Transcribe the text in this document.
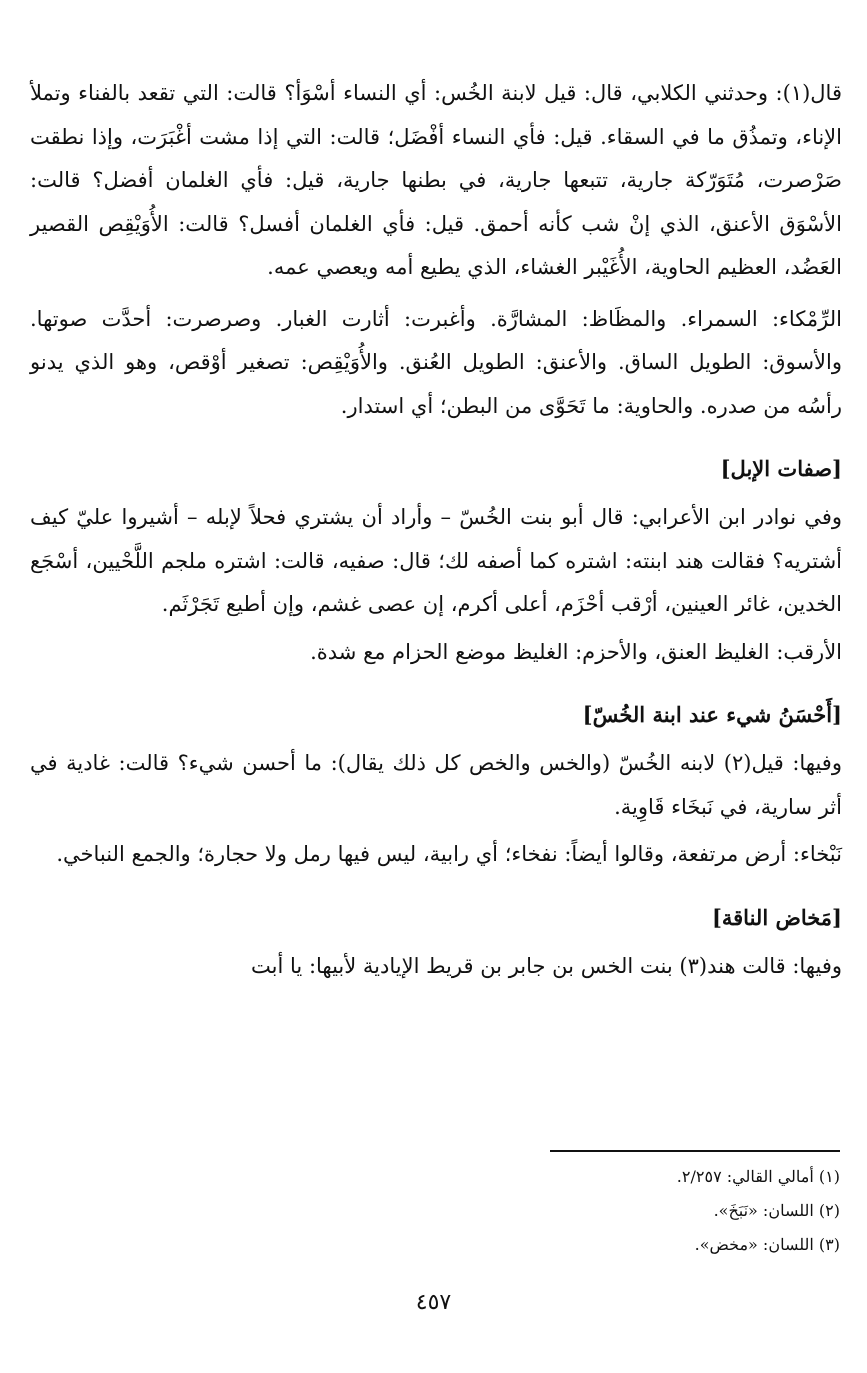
قال(١): وحدثني الكلابي، قال: قيل لابنة الخُس: أي النساء أسْوَأ؟ قالت: التي تقعد بالفناء وتملأ الإناء، وتمذُق ما في السقاء. قيل: فأي النساء أفْضَل؛ قالت: التي إذا مشت أغْبَرَت، وإذا نطقت صَرْصرت، مُتَوَرّكة جارية، تتبعها جارية، في بطنها جارية، قيل: فأي الغلمان أفضل؟ قالت: الأسْوَق الأعنق، الذي إنْ شب كأنه أحمق. قيل: فأي الغلمان أفسل؟ قالت: الأُوَيْقِص القصير العَضُد، العظيم الحاوية، الأُغَيْبر الغشاء، الذي يطيع أمه ويعصي عمه.

الرِّمْكاء: السمراء. والمظَاظ: المشارَّة. وأغبرت: أثارت الغبار. وصرصرت: أحدَّت صوتها. والأسوق: الطويل الساق. والأعنق: الطويل العُنق. والأُوَيْقِص: تصغير أوْقص، وهو الذي يدنو رأسُه من صدره. والحاوية: ما تَحَوَّى من البطن؛ أي استدار.

[صفات الإبل]

وفي نوادر ابن الأعرابي: قال أبو بنت الخُسّ – وأراد أن يشتري فحلاً لإبله – أشيروا عليّ كيف أشتريه؟ فقالت هند ابنته: اشتره كما أصفه لك؛ قال: صفيه، قالت: اشتره ملجم اللَّحْيين، أسْجَع الخدين، غائر العينين، أرْقب أحْزَم، أعلى أكرم، إن عصى غشم، وإن أطيع تَجَرْثَم.

الأرقب: الغليظ العنق، والأحزم: الغليظ موضع الحزام مع شدة.

[أَحْسَنُ شيء عند ابنة الخُسّ]

وفيها: قيل(٢) لابنه الخُسّ (والخس والخص كل ذلك يقال): ما أحسن شيء؟ قالت: غادية في أثر سارية، في نَبخَاء قَاوِية.

نَبْخاء: أرض مرتفعة، وقالوا أيضاً: نفخاء؛ أي رابية، ليس فيها رمل ولا حجارة؛ والجمع النباخي.

[مَخاض الناقة]

وفيها: قالت هند(٣) بنت الخس بن جابر بن قريط الإيادية لأبيها: يا أبت

(١) أمالي القالي: ٢/٢٥٧.

(٢) اللسان: «نَبَخَ».

(٣) اللسان: «مخض».

٤٥٧
